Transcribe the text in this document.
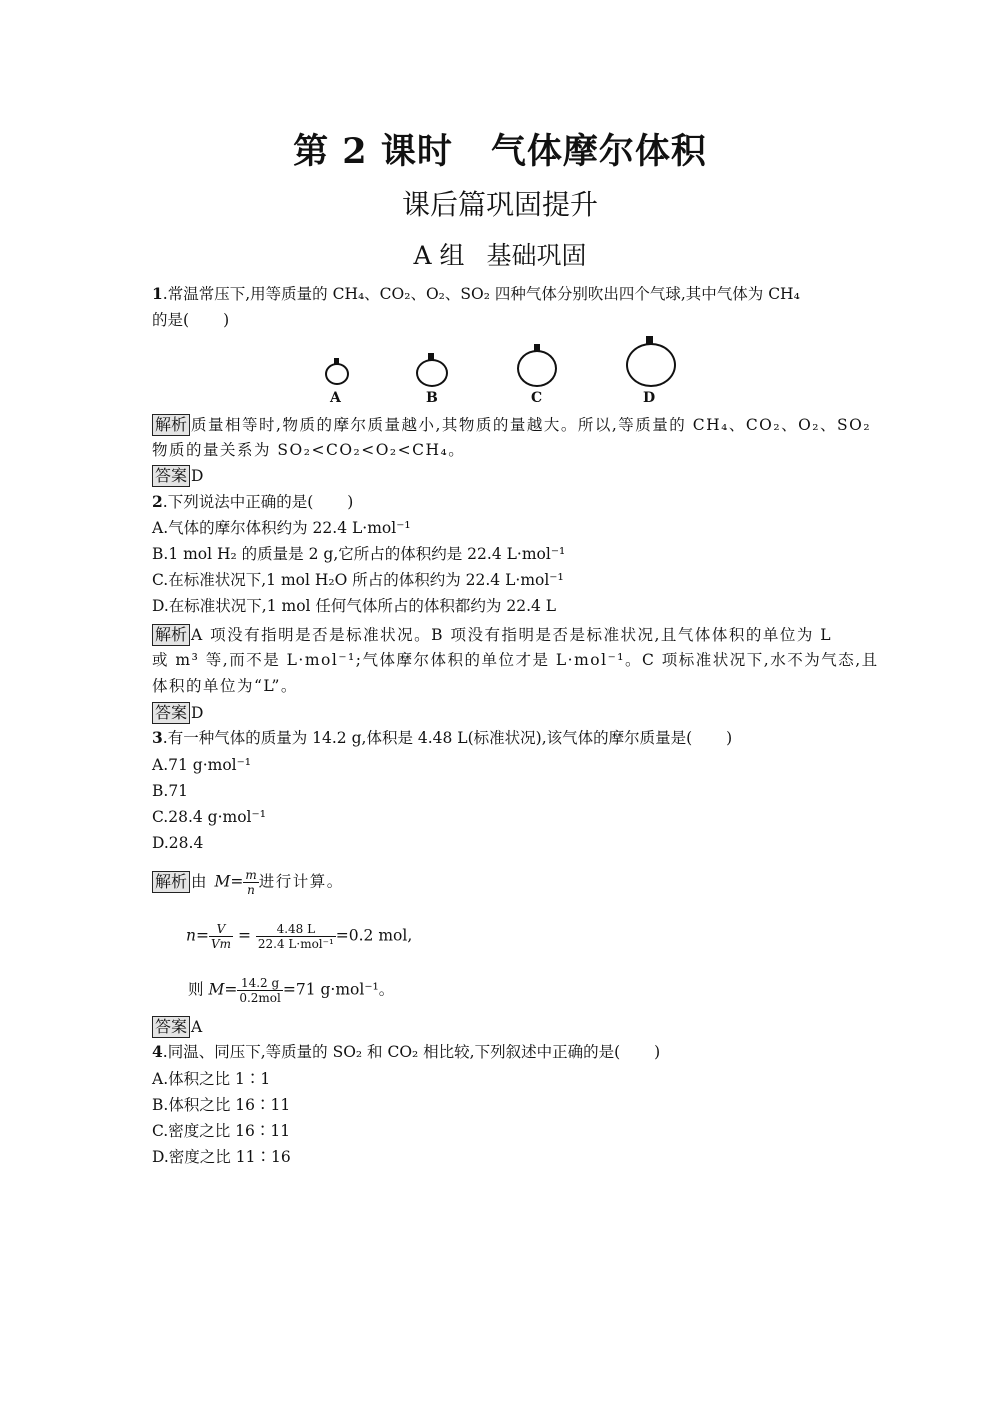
第 2 课时 气体摩尔体积
课后篇巩固提升
A 组 基础巩固
1.常温常压下,用等质量的 CH₄、CO₂、O₂、SO₂ 四种气体分别吹出四个气球,其中气体为 CH₄
的是( )
A	B	C	D
解析 质量相等时,物质的摩尔质量越小,其物质的量越大。所以,等质量的 CH₄、CO₂、O₂、SO₂
物质的量关系为 SO₂<CO₂<O₂<CH₄。
答案 D
2.下列说法中正确的是( )
A.气体的摩尔体积约为 22.4 L·mol⁻¹
B.1 mol H₂ 的质量是 2 g,它所占的体积约是 22.4 L·mol⁻¹
C.在标准状况下,1 mol H₂O 所占的体积约为 22.4 L·mol⁻¹
D.在标准状况下,1 mol 任何气体所占的体积都约为 22.4 L
解析 A 项没有指明是否是标准状况。B 项没有指明是否是标准状况,且气体体积的单位为 L
或 m³ 等,而不是 L·mol⁻¹;气体摩尔体积的单位才是 L·mol⁻¹。C 项标准状况下,水不为气态,且
体积的单位为“L”。
答案 D
3.有一种气体的质量为 14.2 g,体积是 4.48 L(标准状况),该气体的摩尔质量是( )
A.71 g·mol⁻¹
B.71
C.28.4 g·mol⁻¹
D.28.4
解析 由 $M= \frac{m}{n}$ 进行计算。
$n= \frac{V}{Vm} = \frac{4.48 L}{\text{22.4 L·mol⁻¹}} =0.2$ mol,
则 $M= \frac{14.2 g}{\text{0.2mol}} =71$ g·mol⁻¹。
答案 A
4.同温、同压下,等质量的 SO₂ 和 CO₂ 相比较,下列叙述中正确的是( )
A.体积之比 1∶1
B.体积之比 16∶11
C.密度之比 16∶11
D.密度之比 11∶16
